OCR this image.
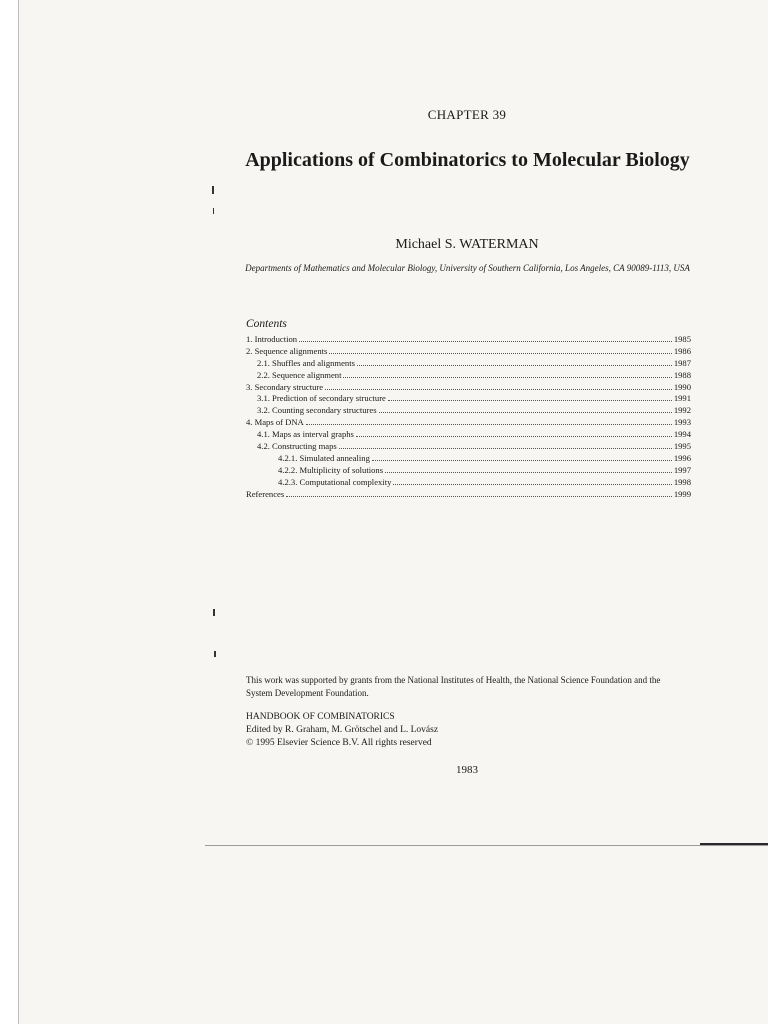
CHAPTER 39
Applications of Combinatorics to Molecular Biology
Michael S. WATERMAN
Departments of Mathematics and Molecular Biology, University of Southern California, Los Angeles, CA 90089-1113, USA
Contents
1. Introduction	1985
2. Sequence alignments	1986
2.1. Shuffles and alignments	1987
2.2. Sequence alignment	1988
3. Secondary structure	1990
3.1. Prediction of secondary structure	1991
3.2. Counting secondary structures	1992
4. Maps of DNA	1993
4.1. Maps as interval graphs	1994
4.2. Constructing maps	1995
4.2.1. Simulated annealing	1996
4.2.2. Multiplicity of solutions	1997
4.2.3. Computational complexity	1998
References	1999
This work was supported by grants from the National Institutes of Health, the National Science Foundation and the System Development Foundation.
HANDBOOK OF COMBINATORICS
Edited by R. Graham, M. Grötschel and L. Lovász
© 1995 Elsevier Science B.V. All rights reserved
1983
